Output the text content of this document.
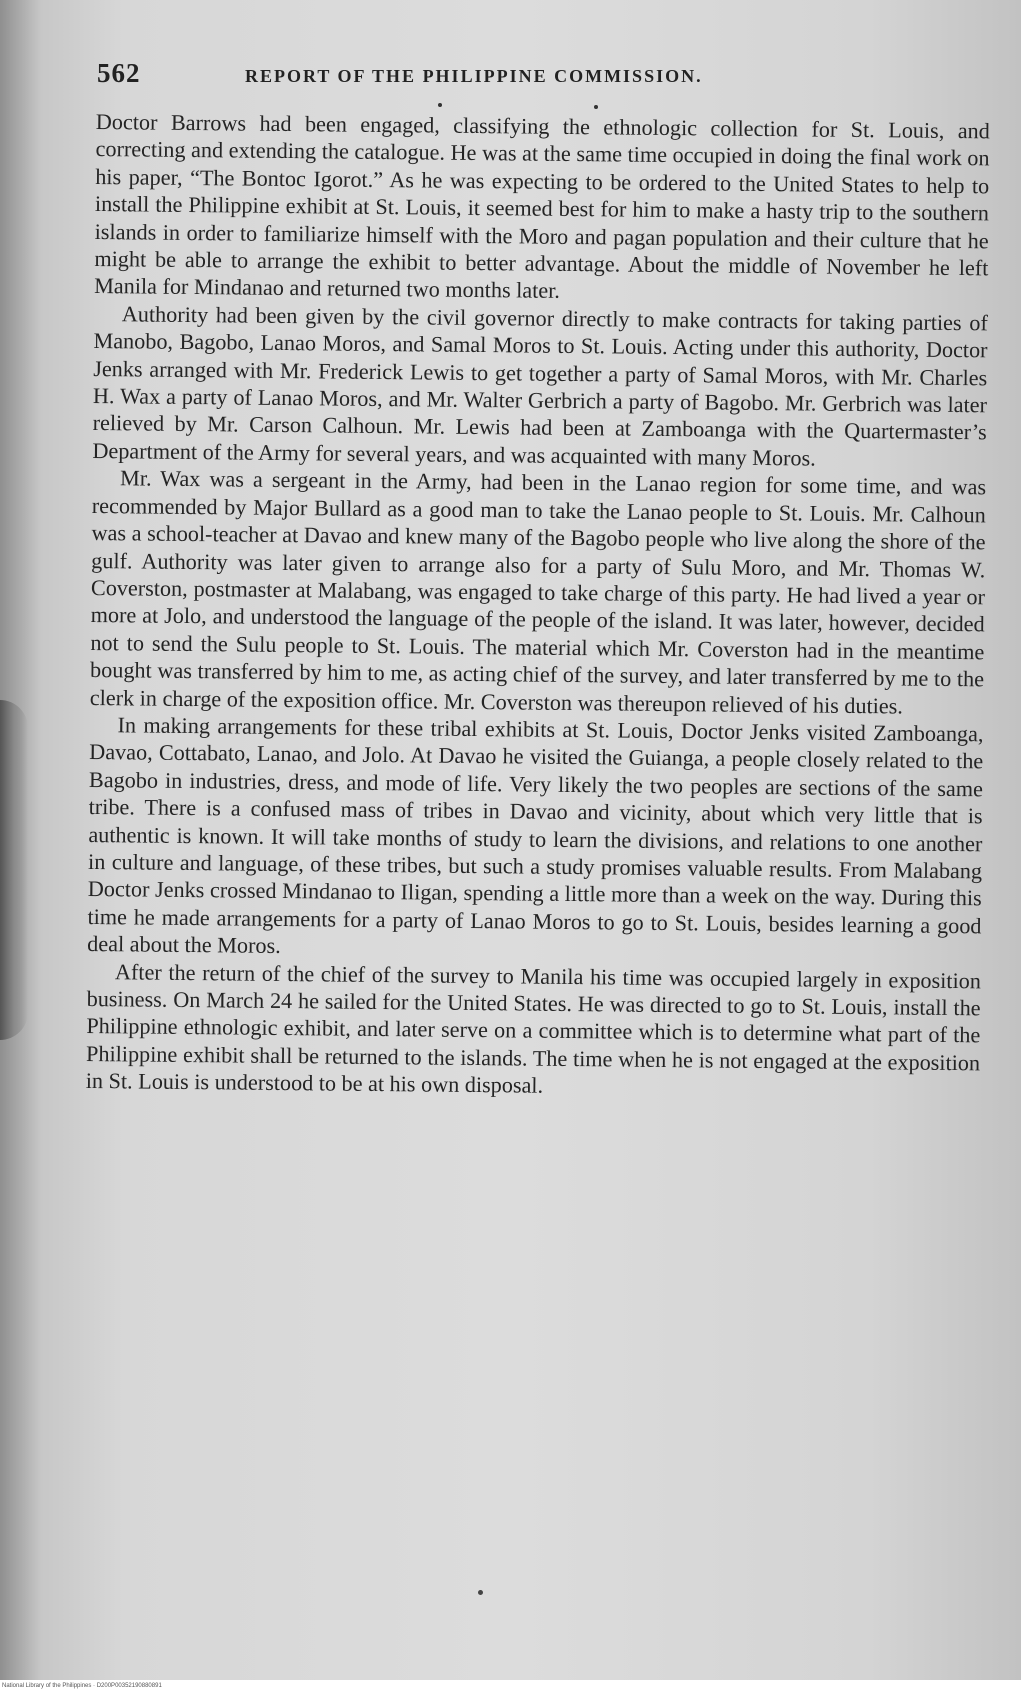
562	REPORT OF THE PHILIPPINE COMMISSION.

Doctor Barrows had been engaged, classifying the ethnologic collection for St. Louis, and correcting and extending the catalogue. He was at the same time occupied in doing the final work on his paper, “The Bontoc Igorot.” As he was expecting to be ordered to the United States to help to install the Philippine exhibit at St. Louis, it seemed best for him to make a hasty trip to the southern islands in order to familiarize himself with the Moro and pagan population and their culture that he might be able to arrange the exhibit to better advantage. About the middle of November he left Manila for Mindanao and returned two months later.

Authority had been given by the civil governor directly to make contracts for taking parties of Manobo, Bagobo, Lanao Moros, and Samal Moros to St. Louis. Acting under this authority, Doctor Jenks arranged with Mr. Frederick Lewis to get together a party of Samal Moros, with Mr. Charles H. Wax a party of Lanao Moros, and Mr. Walter Gerbrich a party of Bagobo. Mr. Gerbrich was later relieved by Mr. Carson Calhoun. Mr. Lewis had been at Zamboanga with the Quartermaster’s Department of the Army for several years, and was acquainted with many Moros.

Mr. Wax was a sergeant in the Army, had been in the Lanao region for some time, and was recommended by Major Bullard as a good man to take the Lanao people to St. Louis. Mr. Calhoun was a school-teacher at Davao and knew many of the Bagobo people who live along the shore of the gulf. Authority was later given to arrange also for a party of Sulu Moro, and Mr. Thomas W. Coverston, postmaster at Malabang, was engaged to take charge of this party. He had lived a year or more at Jolo, and understood the language of the people of the island. It was later, however, decided not to send the Sulu people to St. Louis. The material which Mr. Coverston had in the meantime bought was transferred by him to me, as acting chief of the survey, and later transferred by me to the clerk in charge of the exposition office. Mr. Coverston was thereupon relieved of his duties.

In making arrangements for these tribal exhibits at St. Louis, Doctor Jenks visited Zamboanga, Davao, Cottabato, Lanao, and Jolo. At Davao he visited the Guianga, a people closely related to the Bagobo in industries, dress, and mode of life. Very likely the two peoples are sections of the same tribe. There is a confused mass of tribes in Davao and vicinity, about which very little that is authentic is known. It will take months of study to learn the divisions, and relations to one another in culture and language, of these tribes, but such a study promises valuable results. From Malabang Doctor Jenks crossed Mindanao to Iligan, spending a little more than a week on the way. During this time he made arrangements for a party of Lanao Moros to go to St. Louis, besides learning a good deal about the Moros.

After the return of the chief of the survey to Manila his time was occupied largely in exposition business. On March 24 he sailed for the United States. He was directed to go to St. Louis, install the Philippine ethnologic exhibit, and later serve on a committee which is to determine what part of the Philippine exhibit shall be returned to the islands. The time when he is not engaged at the exposition in St. Louis is understood to be at his own disposal.

National Library of the Philippines · D200P00352190880891
